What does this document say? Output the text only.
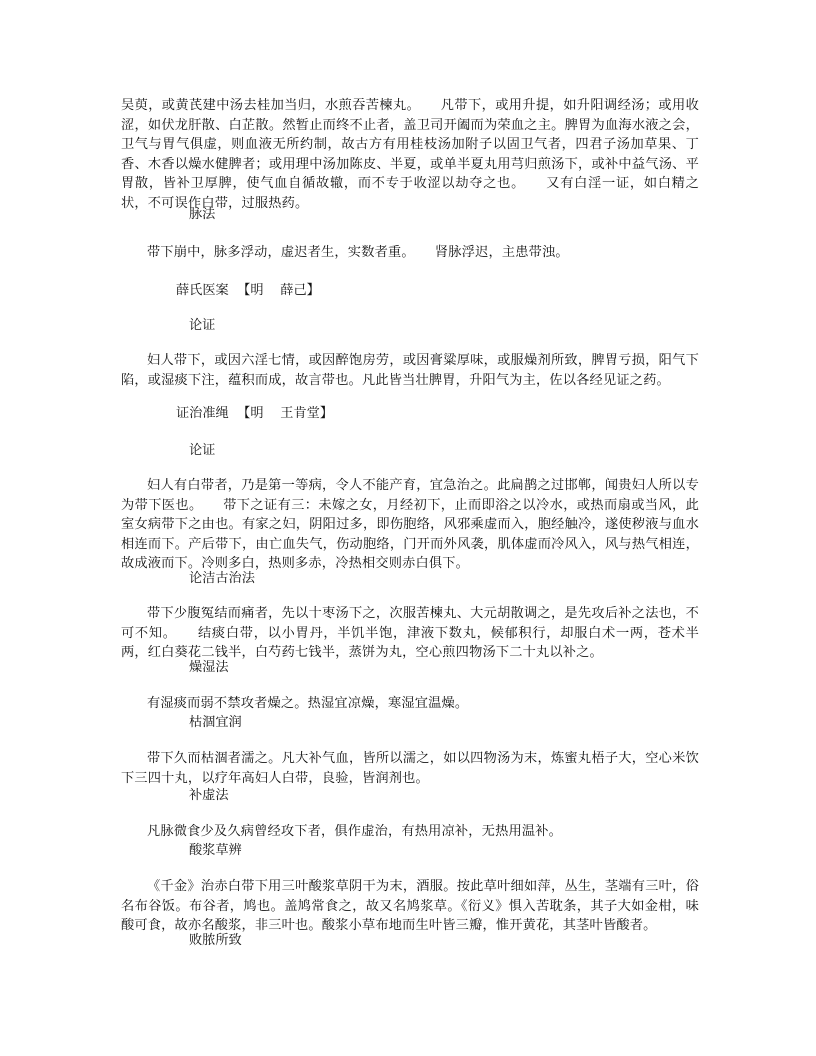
吴萸，或黄芪建中汤去桂加当归，水煎吞苦楝丸。　　凡带下，或用升提，如升阳调经汤；或用收涩，如伏龙肝散、白芷散。然暂止而终不止者，盖卫司开阖而为荣血之主。脾胃为血海水液之会，卫气与胃气俱虚，则血液无所约制，故古方有用桂枝汤加附子以固卫气者，四君子汤加草果、丁香、木香以燥水健脾者；或用理中汤加陈皮、半夏，或单半夏丸用芎归煎汤下，或补中益气汤、平胃散，皆补卫厚脾，使气血自循故辙，而不专于收涩以劫夺之也。　　又有白淫一证，如白精之状，不可误作白带，过服热药。

脉法

带下崩中，脉多浮动，虚迟者生，实数者重。　　肾脉浮迟，主患带浊。

薛氏医案 【明 薛己】

论证

妇人带下，或因六淫七情，或因醉饱房劳，或因膏粱厚味，或服燥剂所致，脾胃亏损，阳气下陷，或湿痰下注，蕴积而成，故言带也。凡此皆当壮脾胃，升阳气为主，佐以各经见证之药。

证治准绳 【明 王肯堂】

论证

妇人有白带者，乃是第一等病，令人不能产育，宜急治之。此扁鹊之过邯郸，闻贵妇人所以专为带下医也。　　带下之证有三：未嫁之女，月经初下，止而即浴之以冷水，或热而扇或当风，此室女病带下之由也。有家之妇，阴阳过多，即伤胞络，风邪乘虚而入，胞经触冷，遂使秽液与血水相连而下。产后带下，由亡血失气，伤动胞络，门开而外风袭，肌体虚而冷风入，风与热气相连，故成液而下。冷则多白，热则多赤，冷热相交则赤白俱下。

论洁古治法

带下少腹冤结而痛者，先以十枣汤下之，次服苦楝丸、大元胡散调之，是先攻后补之法也，不可不知。　　结痰白带，以小胃丹，半饥半饱，津液下数丸，候郁积行，却服白术一两，苍术半两，红白葵花二钱半，白芍药七钱半，蒸饼为丸，空心煎四物汤下二十丸以补之。

燥湿法

有湿痰而弱不禁攻者燥之。热湿宜凉燥，寒湿宜温燥。

枯涸宜润

带下久而枯涸者濡之。凡大补气血，皆所以濡之，如以四物汤为末，炼蜜丸梧子大，空心米饮下三四十丸，以疗年高妇人白带，良验，皆润剂也。

补虚法

凡脉微食少及久病曾经攻下者，俱作虚治，有热用凉补，无热用温补。

酸浆草辨

《千金》治赤白带下用三叶酸浆草阴干为末，酒服。按此草叶细如萍，丛生，茎端有三叶，俗名布谷饭。布谷者，鸠也。盖鸠常食之，故又名鸠浆草。《衍义》惧入苦耽条，其子大如金柑，味酸可食，故亦名酸浆，非三叶也。酸浆小草布地而生叶皆三瓣，惟开黄花，其茎叶皆酸者。

败脓所致
